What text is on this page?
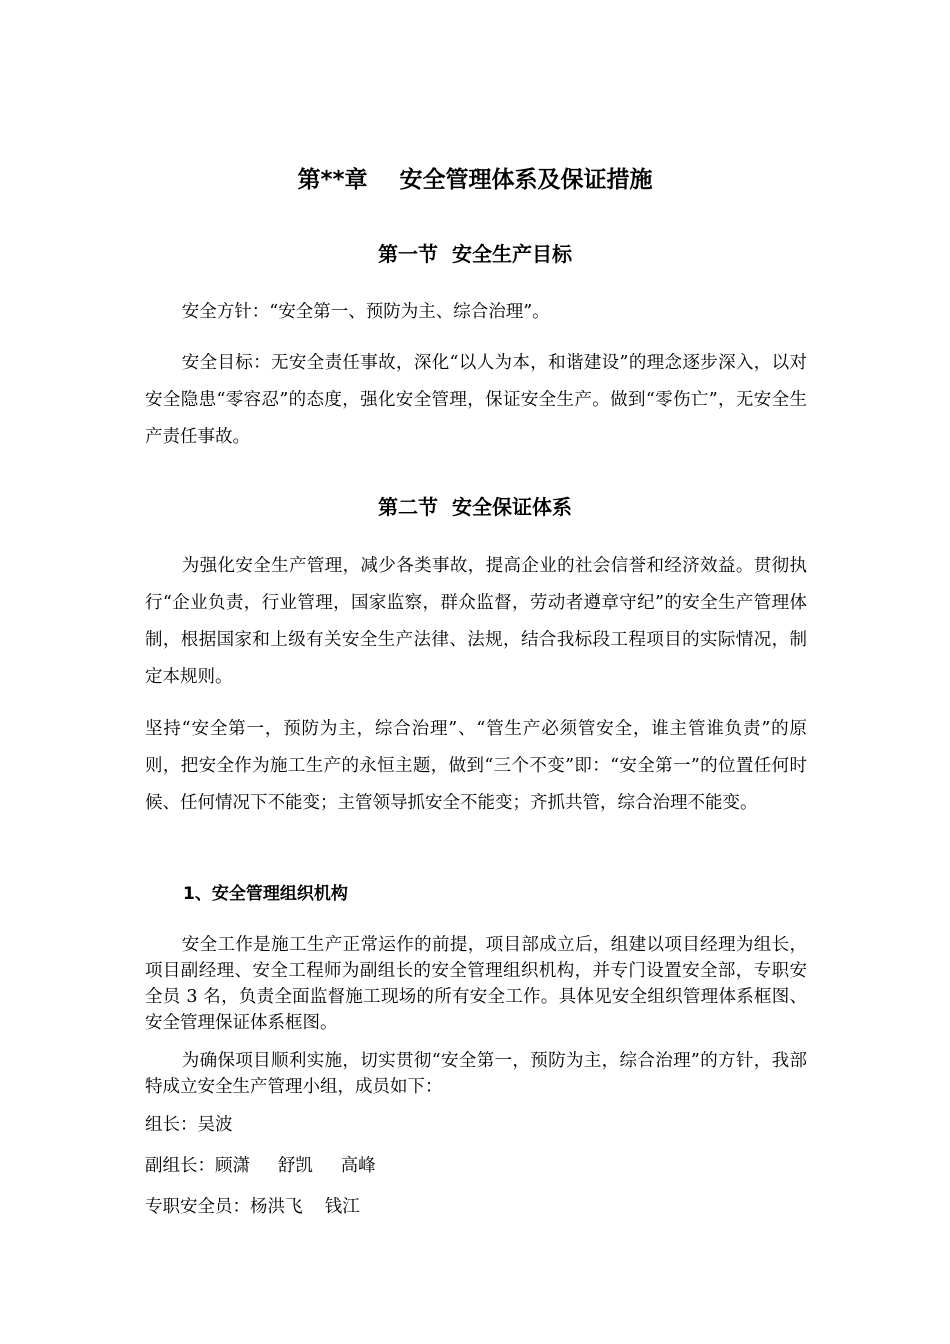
第**章    安全管理体系及保证措施
第一节  安全生产目标

安全方针：“安全第一、预防为主、综合治理”。

安全目标：无安全责任事故，深化“以人为本，和谐建设”的理念逐步深入，以对安全隐患“零容忍”的态度，强化安全管理，保证安全生产。做到“零伤亡”，无安全生产责任事故。

第二节  安全保证体系

为强化安全生产管理，减少各类事故，提高企业的社会信誉和经济效益。贯彻执行“企业负责，行业管理，国家监察，群众监督，劳动者遵章守纪”的安全生产管理体制，根据国家和上级有关安全生产法律、法规，结合我标段工程项目的实际情况，制定本规则。

坚持“安全第一，预防为主，综合治理”、“管生产必须管安全，谁主管谁负责”的原则，把安全作为施工生产的永恒主题，做到“三个不变”即：“安全第一”的位置任何时候、任何情况下不能变；主管领导抓安全不能变；齐抓共管，综合治理不能变。

1、安全管理组织机构

安全工作是施工生产正常运作的前提，项目部成立后，组建以项目经理为组长，项目副经理、安全工程师为副组长的安全管理组织机构，并专门设置安全部，专职安全员 3 名，负责全面监督施工现场的所有安全工作。具体见安全组织管理体系框图、安全管理保证体系框图。

为确保项目顺利实施，切实贯彻“安全第一，预防为主，综合治理”的方针，我部特成立安全生产管理小组，成员如下：

组长：吴波
副组长：顾潇     舒凯     高峰
专职安全员：杨洪飞    钱江
